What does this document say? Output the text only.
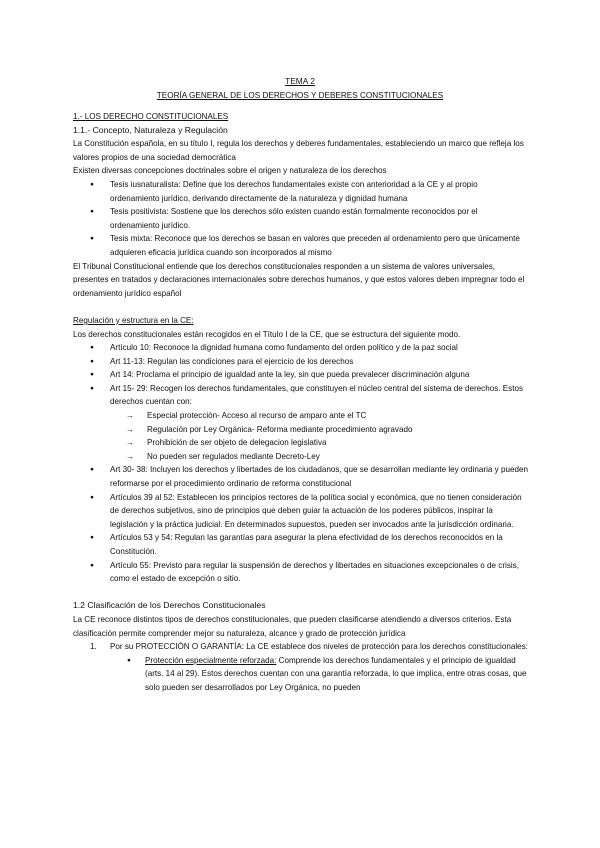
TEMA 2
TEORÍA GENERAL DE LOS DERECHOS Y DEBERES CONSTITUCIONALES

1.- LOS DERECHO CONSTITUCIONALES

1.1.- Concepto, Naturaleza y Regulación

La Constitución española, en su título I, regula los derechos y deberes fundamentales, estableciendo un marco que refleja los valores propios de una sociedad democrática

Existen diversas concepciones doctrinales sobre el origen y naturaleza de los derechos

● Tesis iusnaturalista: Define que los derechos fundamentales existe con anterioridad a la CE y al propio ordenamiento jurídico, derivando directamente de la naturaleza y dignidad humana
● Tesis positivista: Sostiene que los derechos sólo existen cuando están formalmente reconocidos por el ordenamiento jurídico.
● Tesis mixta: Reconoce que los derechos se basan en valores que preceden al ordenamiento pero que únicamente adquieren eficacia jurídica cuando son incorporados al mismo

El Tribunal Constitucional entiende que los derechos constitucionales responden a un sistema de valores universales, presentes en tratados y declaraciones internacionales sobre derechos humanos, y que estos valores deben impregnar todo el ordenamiento jurídico español

Regulación y estructura en la CE:

Los derechos constitucionales están recogidos en el Título I de la CE, que se estructura del siguiente modo.

● Artículo 10: Reconoce la dignidad humana como fundamento del orden político y de la paz social
● Art 11-13: Regulan las condiciones para el ejercicio de los derechos
● Art 14: Proclama el principio de igualdad ante la ley, sin que pueda prevalecer discriminación alguna
● Art 15- 29: Recogen los derechos fundamentales, que constituyen el núcleo central del sistema de derechos. Estos derechos cuentan con:
→ Especial protección- Acceso al recurso de amparo ante el TC
→ Regulación por Ley Orgánica- Reforma mediante procedimiento agravado
→ Prohibición de ser objeto de delegacion legislativa
→ No pueden ser regulados mediante Decreto-Ley
● Art 30- 38: Incluyen los derechos y libertades de los ciudadanos, que se desarrollan mediante ley ordinaria y pueden reformarse por el procedimiento ordinario de reforma constitucional
● Artículos 39 al 52: Establecen los principios rectores de la política social y económica, que no tienen consideración de derechos subjetivos, sino de principios que deben guiar la actuación de los poderes públicos, inspirar la legislación y la práctica judicial. En determinados supuestos, pueden ser invocados ante la jurisdicción ordinaria.
● Artículos 53 y 54: Regulan las garantías para asegurar la plena efectividad de los derechos reconocidos en la Constitución.
● Artículo 55: Previsto para regular la suspensión de derechos y libertades en situaciones excepcionales o de crisis, como el estado de excepción o sitio.

1.2 Clasificación de los Derechos Constitucionales

La CE reconoce distintos tipos de derechos constitucionales, que pueden clasificarse atendiendo a diversos criterios. Esta clasificación permite comprender mejor su naturaleza, alcance y grado de protección jurídica

1. Por su PROTECCIÓN O GARANTÍA: La CE establece dos niveles de protección para los derechos constitucionales:
● Protección especialmente reforzada: Comprende los derechos fundamentales y el principio de igualdad (arts. 14 al 29). Estos derechos cuentan con una garantía reforzada, lo que implica, entre otras cosas, que solo pueden ser desarrollados por Ley Orgánica, no pueden
